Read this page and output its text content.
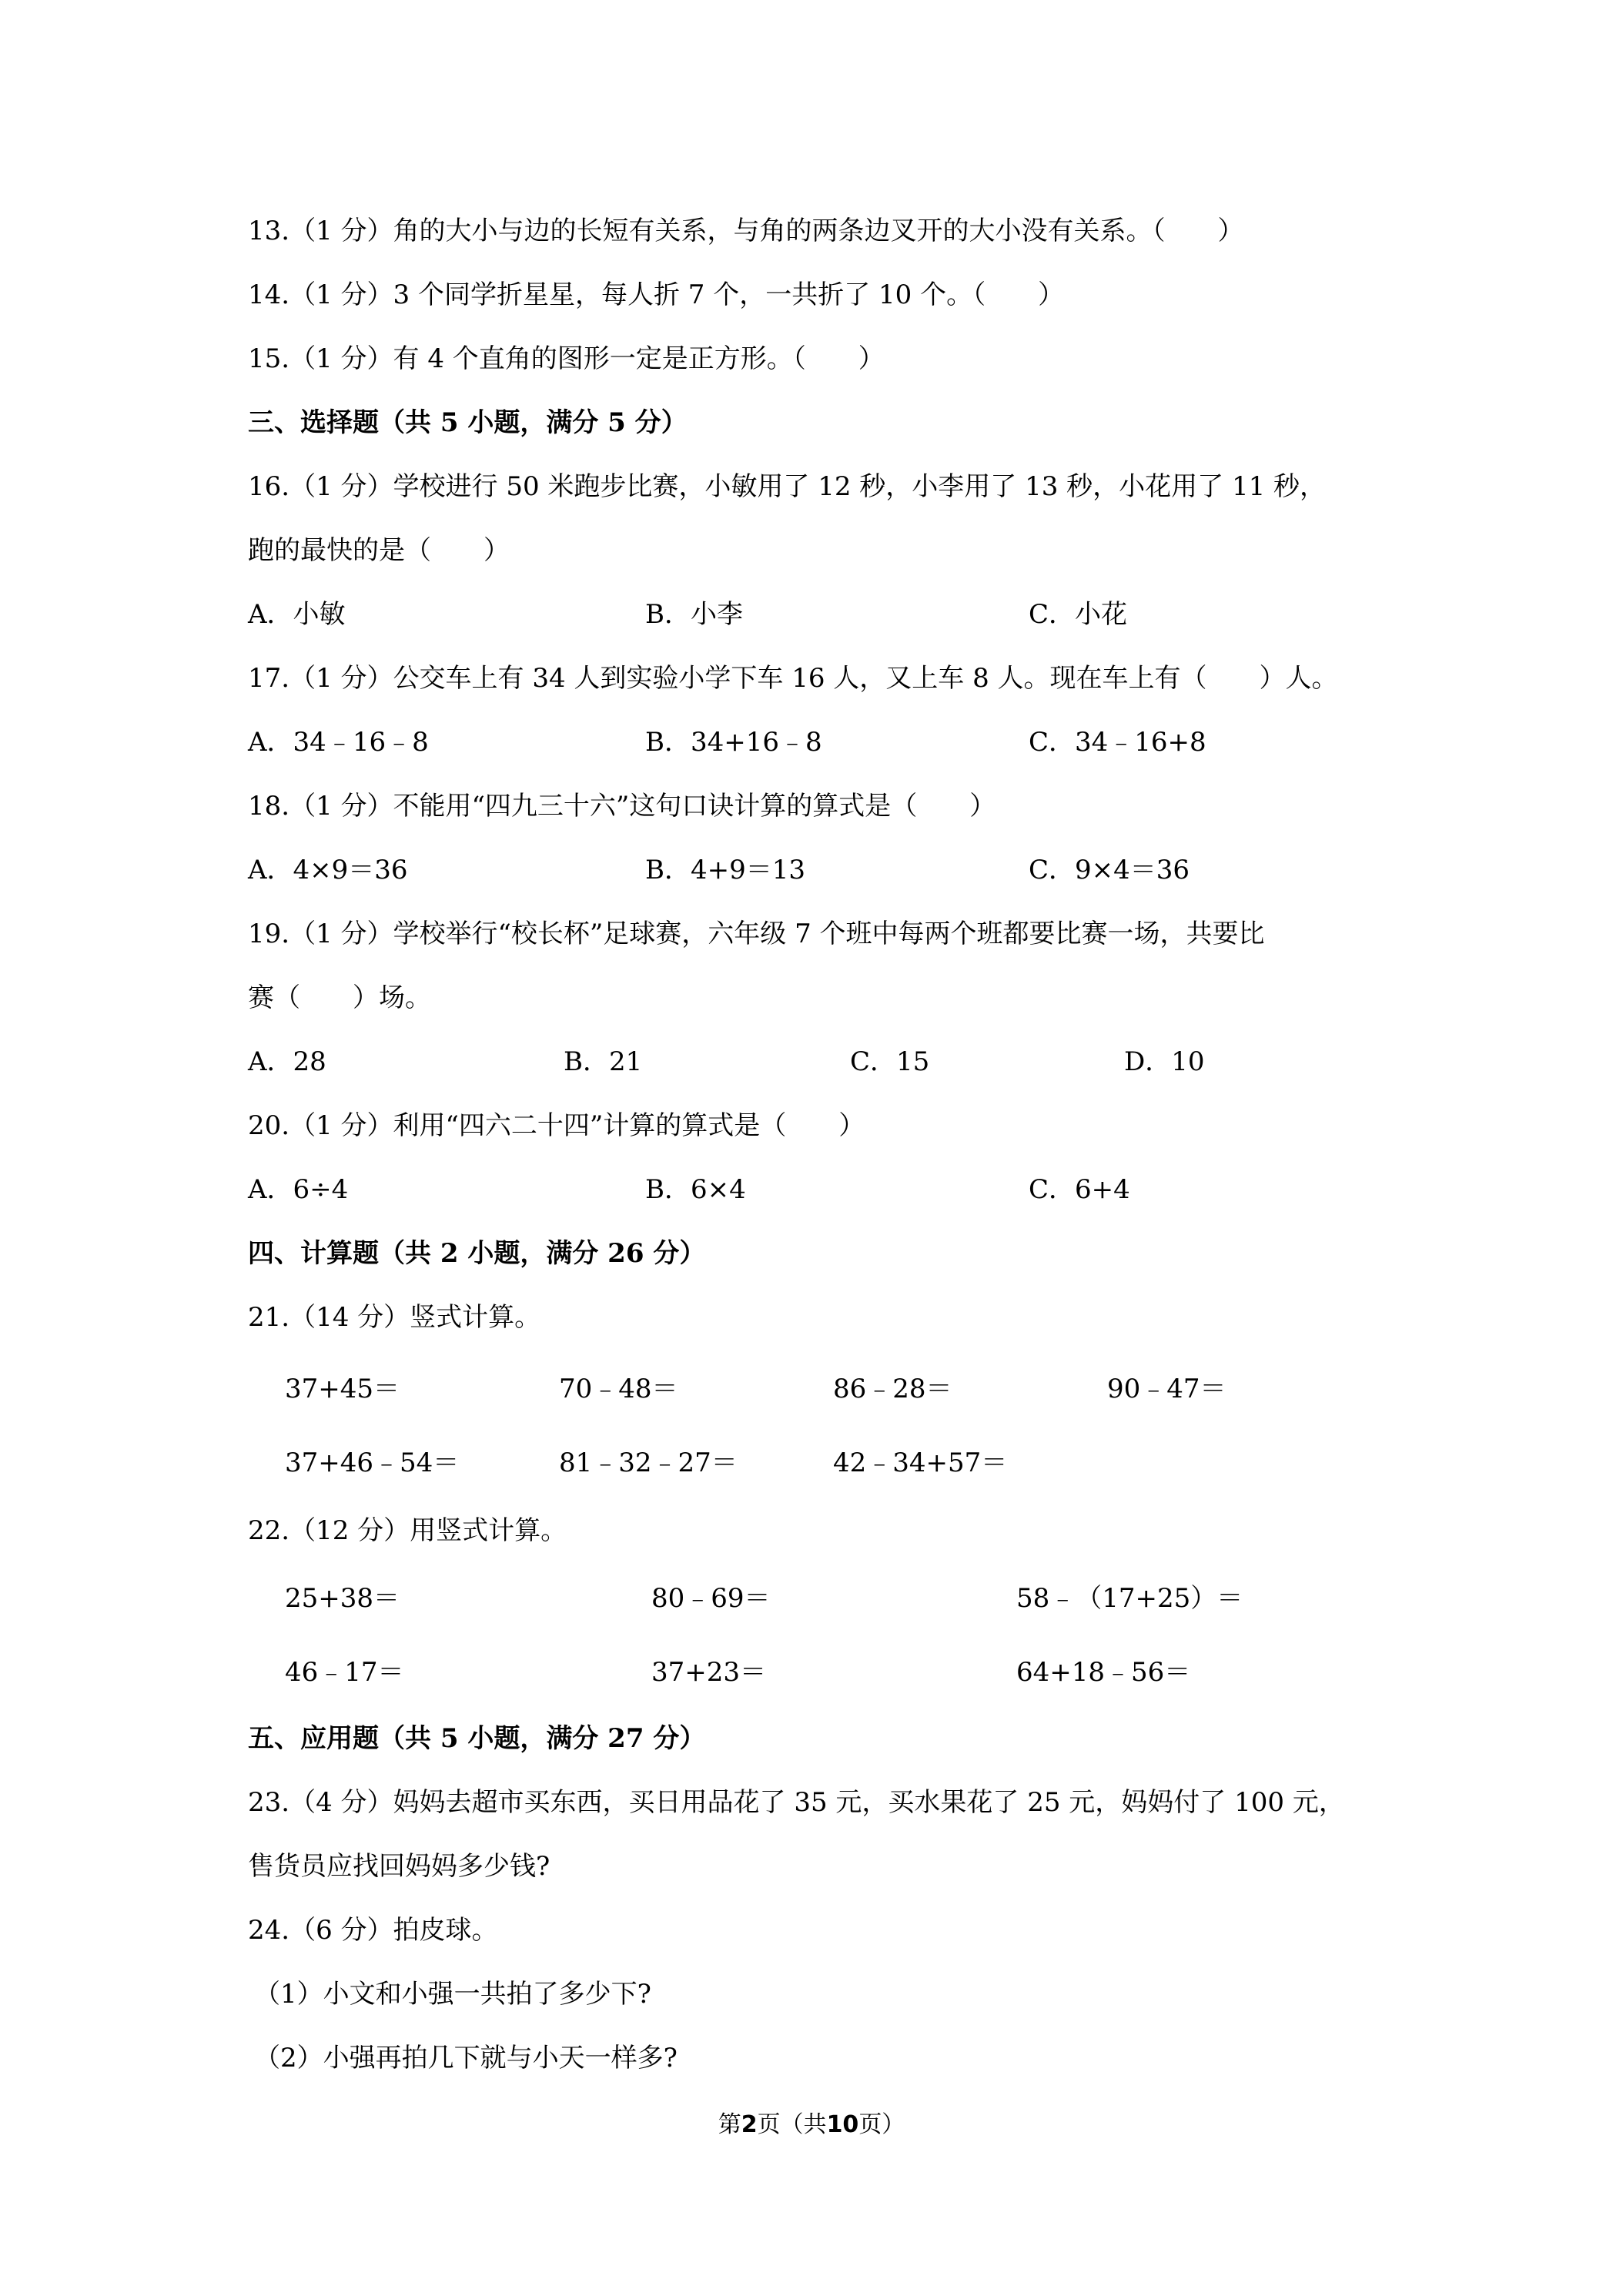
13.（1 分）角的大小与边的长短有关系，与角的两条边叉开的大小没有关系。（　　）
14.（1 分）3 个同学折星星，每人折 7 个，一共折了 10 个。（　　）
15.（1 分）有 4 个直角的图形一定是正方形。（　　）
三、选择题（共 5 小题，满分 5 分）
16.（1 分）学校进行 50 米跑步比赛，小敏用了 12 秒，小李用了 13 秒，小花用了 11 秒，
跑的最快的是（　　）
A．小敏	B．小李	C．小花
17.（1 分）公交车上有 34 人到实验小学下车 16 人，又上车 8 人。现在车上有（　　）人。
A．34﹣16﹣8	B．34+16﹣8	C．34﹣16+8
18.（1 分）不能用“四九三十六”这句口诀计算的算式是（　　）
A．4×9＝36	B．4+9＝13	C．9×4＝36
19.（1 分）学校举行“校长杯”足球赛，六年级 7 个班中每两个班都要比赛一场，共要比
赛（　　）场。
A．28	B．21	C．15	D．10
20.（1 分）利用“四六二十四”计算的算式是（　　）
A．6÷4	B．6×4	C．6+4
四、计算题（共 2 小题，满分 26 分）
21.（14 分）竖式计算。
37+45＝	70﹣48＝	86﹣28＝	90﹣47＝
37+46﹣54＝	81﹣32﹣27＝	42﹣34+57＝
22.（12 分）用竖式计算。
25+38＝	80﹣69＝	58﹣（17+25）＝
46﹣17＝	37+23＝	64+18﹣56＝
五、应用题（共 5 小题，满分 27 分）
23.（4 分）妈妈去超市买东西，买日用品花了 35 元，买水果花了 25 元，妈妈付了 100 元，
售货员应找回妈妈多少钱?
24.（6 分）拍皮球。
（1）小文和小强一共拍了多少下?
（2）小强再拍几下就与小天一样多?
第2页（共10页）
